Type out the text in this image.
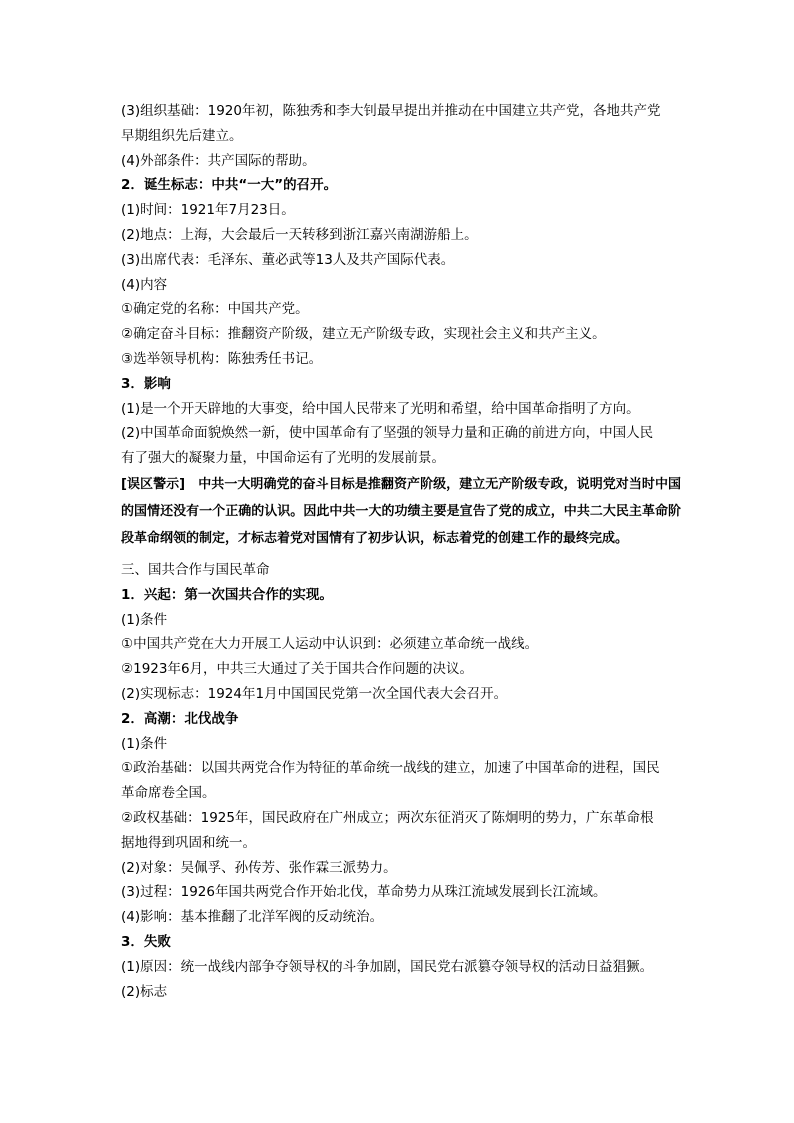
(3)组织基础：1920年初，陈独秀和李大钊最早提出并推动在中国建立共产党，各地共产党
早期组织先后建立。
(4)外部条件：共产国际的帮助。
2．诞生标志：中共“一大”的召开。
(1)时间：1921年7月23日。
(2)地点：上海，大会最后一天转移到浙江嘉兴南湖游船上。
(3)出席代表：毛泽东、董必武等13人及共产国际代表。
(4)内容
①确定党的名称：中国共产党。
②确定奋斗目标：推翻资产阶级，建立无产阶级专政，实现社会主义和共产主义。
③选举领导机构：陈独秀任书记。
3．影响
(1)是一个开天辟地的大事变，给中国人民带来了光明和希望，给中国革命指明了方向。
(2)中国革命面貌焕然一新，使中国革命有了坚强的领导力量和正确的前进方向，中国人民
有了强大的凝聚力量，中国命运有了光明的发展前景。
[误区警示]　中共一大明确党的奋斗目标是推翻资产阶级，建立无产阶级专政，说明党对当时中国的国情还没有一个正确的认识。因此中共一大的功绩主要是宣告了党的成立，中共二大民主革命阶段革命纲领的制定，才标志着党对国情有了初步认识，标志着党的创建工作的最终完成。
三、国共合作与国民革命
1．兴起：第一次国共合作的实现。
(1)条件
①中国共产党在大力开展工人运动中认识到：必须建立革命统一战线。
②1923年6月，中共三大通过了关于国共合作问题的决议。
(2)实现标志：1924年1月中国国民党第一次全国代表大会召开。
2．高潮：北伐战争
(1)条件
①政治基础：以国共两党合作为特征的革命统一战线的建立，加速了中国革命的进程，国民
革命席卷全国。
②政权基础：1925年，国民政府在广州成立；两次东征消灭了陈炯明的势力，广东革命根
据地得到巩固和统一。
(2)对象：吴佩孚、孙传芳、张作霖三派势力。
(3)过程：1926年国共两党合作开始北伐，革命势力从珠江流域发展到长江流域。
(4)影响：基本推翻了北洋军阀的反动统治。
3．失败
(1)原因：统一战线内部争夺领导权的斗争加剧，国民党右派篡夺领导权的活动日益猖獗。
(2)标志
